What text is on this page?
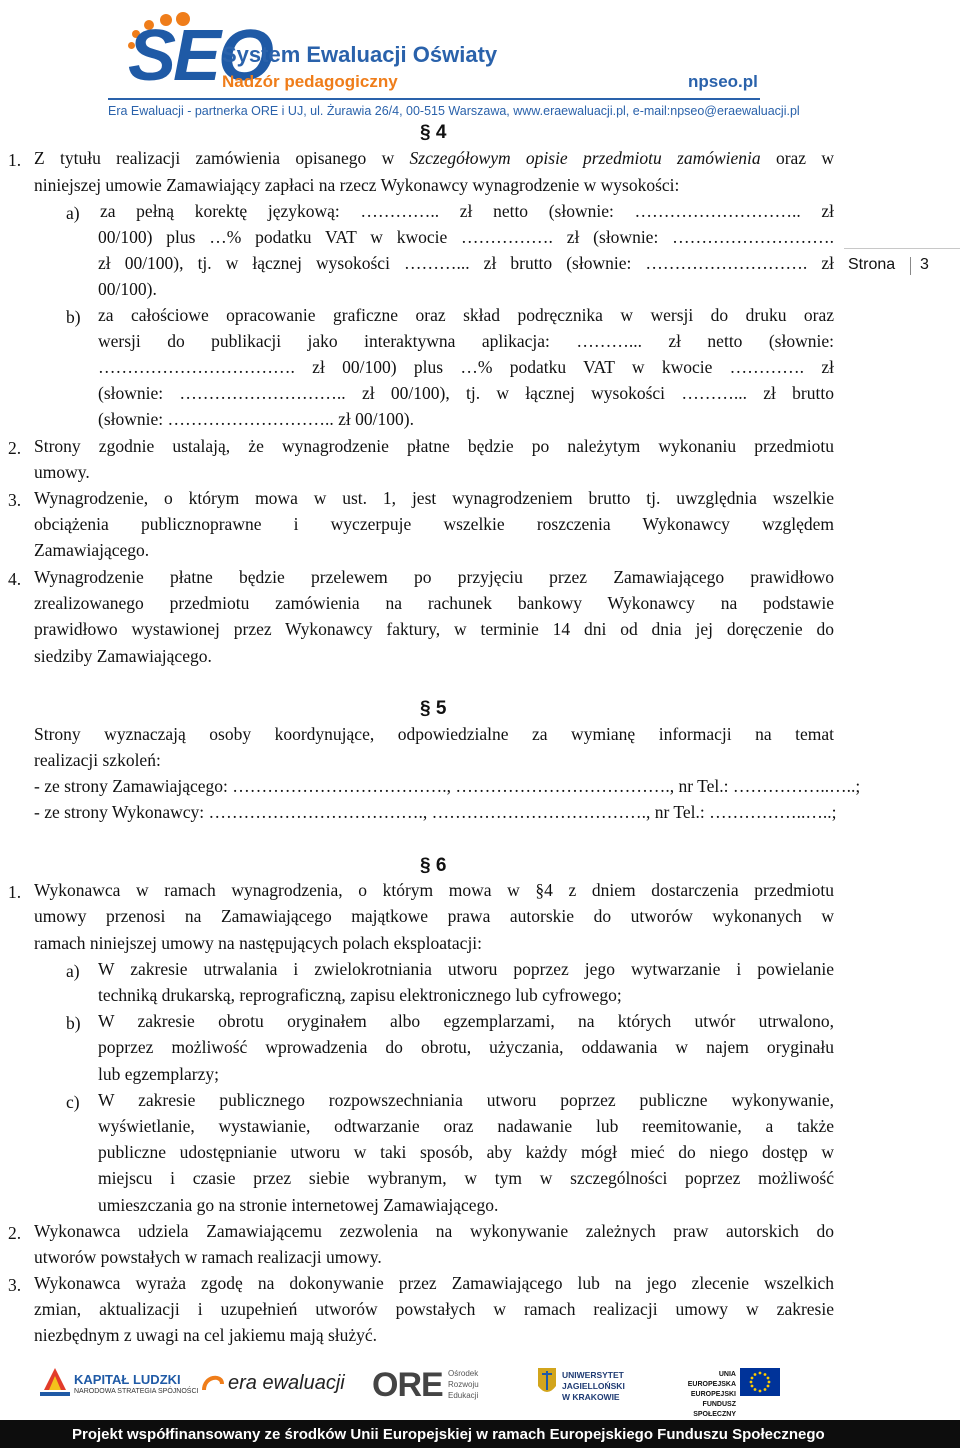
SEO
System Ewaluacji Oświaty
Nadzór pedagogiczny	npseo.pl
Era Ewaluacji - partnerka ORE i UJ, ul. Żurawia 26/4, 00-515 Warszawa, www.eraewaluacji.pl, e-mail:npseo@eraewaluacji.pl
Strona 3
§ 4
1. Z tytułu realizacji zamówienia opisanego w Szczegółowym opisie przedmiotu zamówienia oraz w
niniejszej umowie Zamawiający zapłaci na rzecz Wykonawcy wynagrodzenie w wysokości:
a) za pełną korektę językową: ………….. zł netto (słownie: ……………………….. zł
00/100) plus …% podatku VAT w kwocie ……………. zł (słownie: ……………………….
zł 00/100), tj. w łącznej wysokości ………... zł brutto (słownie: ………………………. zł
00/100).
b) za całościowe opracowanie graficzne oraz skład podręcznika w wersji do druku oraz
wersji do publikacji jako interaktywna aplikacja: ………... zł netto (słownie:
……………………………. zł 00/100) plus …% podatku VAT w kwocie …………. zł
(słownie: ……………………….. zł 00/100), tj. w łącznej wysokości ………... zł brutto
(słownie: ……………………….. zł 00/100).
2. Strony zgodnie ustalają, że wynagrodzenie płatne będzie po należytym wykonaniu przedmiotu
umowy.
3. Wynagrodzenie, o którym mowa w ust. 1, jest wynagrodzeniem brutto tj. uwzględnia wszelkie
obciążenia publicznoprawne i wyczerpuje wszelkie roszczenia Wykonawcy względem
Zamawiającego.
4. Wynagrodzenie płatne będzie przelewem po przyjęciu przez Zamawiającego prawidłowo
zrealizowanego przedmiotu zamówienia na rachunek bankowy Wykonawcy na podstawie
prawidłowo wystawionej przez Wykonawcy faktury, w terminie 14 dni od dnia jej doręczenie do
siedziby Zamawiającego.
§ 5
Strony wyznaczają osoby koordynujące, odpowiedzialne za wymianę informacji na temat
realizacji szkoleń:
- ze strony Zamawiającego: ………………………………., ………………………………., nr Tel.: ……………..…..;
- ze strony Wykonawcy: ………………………………., ………………………………., nr Tel.: ……………..…..;
§ 6
1. Wykonawca w ramach wynagrodzenia, o którym mowa w §4 z dniem dostarczenia przedmiotu
umowy przenosi na Zamawiającego majątkowe prawa autorskie do utworów wykonanych w
ramach niniejszej umowy na następujących polach eksploatacji:
a) W zakresie utrwalania i zwielokrotniania utworu poprzez jego wytwarzanie i powielanie
techniką drukarską, reprograficzną, zapisu elektronicznego lub cyfrowego;
b) W zakresie obrotu oryginałem albo egzemplarzami, na których utwór utrwalono,
poprzez możliwość wprowadzenia do obrotu, użyczania, oddawania w najem oryginału
lub egzemplarzy;
c) W zakresie publicznego rozpowszechniania utworu poprzez publiczne wykonywanie,
wyświetlanie, wystawianie, odtwarzanie oraz nadawanie lub reemitowanie, a także
publiczne udostępnianie utworu w taki sposób, aby każdy mógł mieć do niego dostęp w
miejscu i czasie przez siebie wybranym, w tym w szczególności poprzez możliwość
umieszczania go na stronie internetowej Zamawiającego.
2. Wykonawca udziela Zamawiającemu zezwolenia na wykonywanie zależnych praw autorskich do
utworów powstałych w ramach realizacji umowy.
3. Wykonawca wyraża zgodę na dokonywanie przez Zamawiającego lub na jego zlecenie wszelkich
zmian, aktualizacji i uzupełnień utworów powstałych w ramach realizacji umowy w zakresie
niezbędnym z uwagi na cel jakiemu mają służyć.
KAPITAŁ LUDZKI
NARODOWA STRATEGIA SPÓJNOŚCI era ewaluacji ORE Ośrodek
Rozwoju
Edukacji
UNIWERSYTET
JAGIELLOŃSKI
W KRAKOWIE
UNIA EUROPEJSKA
EUROPEJSKI
FUNDUSZ SPOŁECZNY
Projekt współfinansowany ze środków Unii Europejskiej w ramach Europejskiego Funduszu Społecznego
